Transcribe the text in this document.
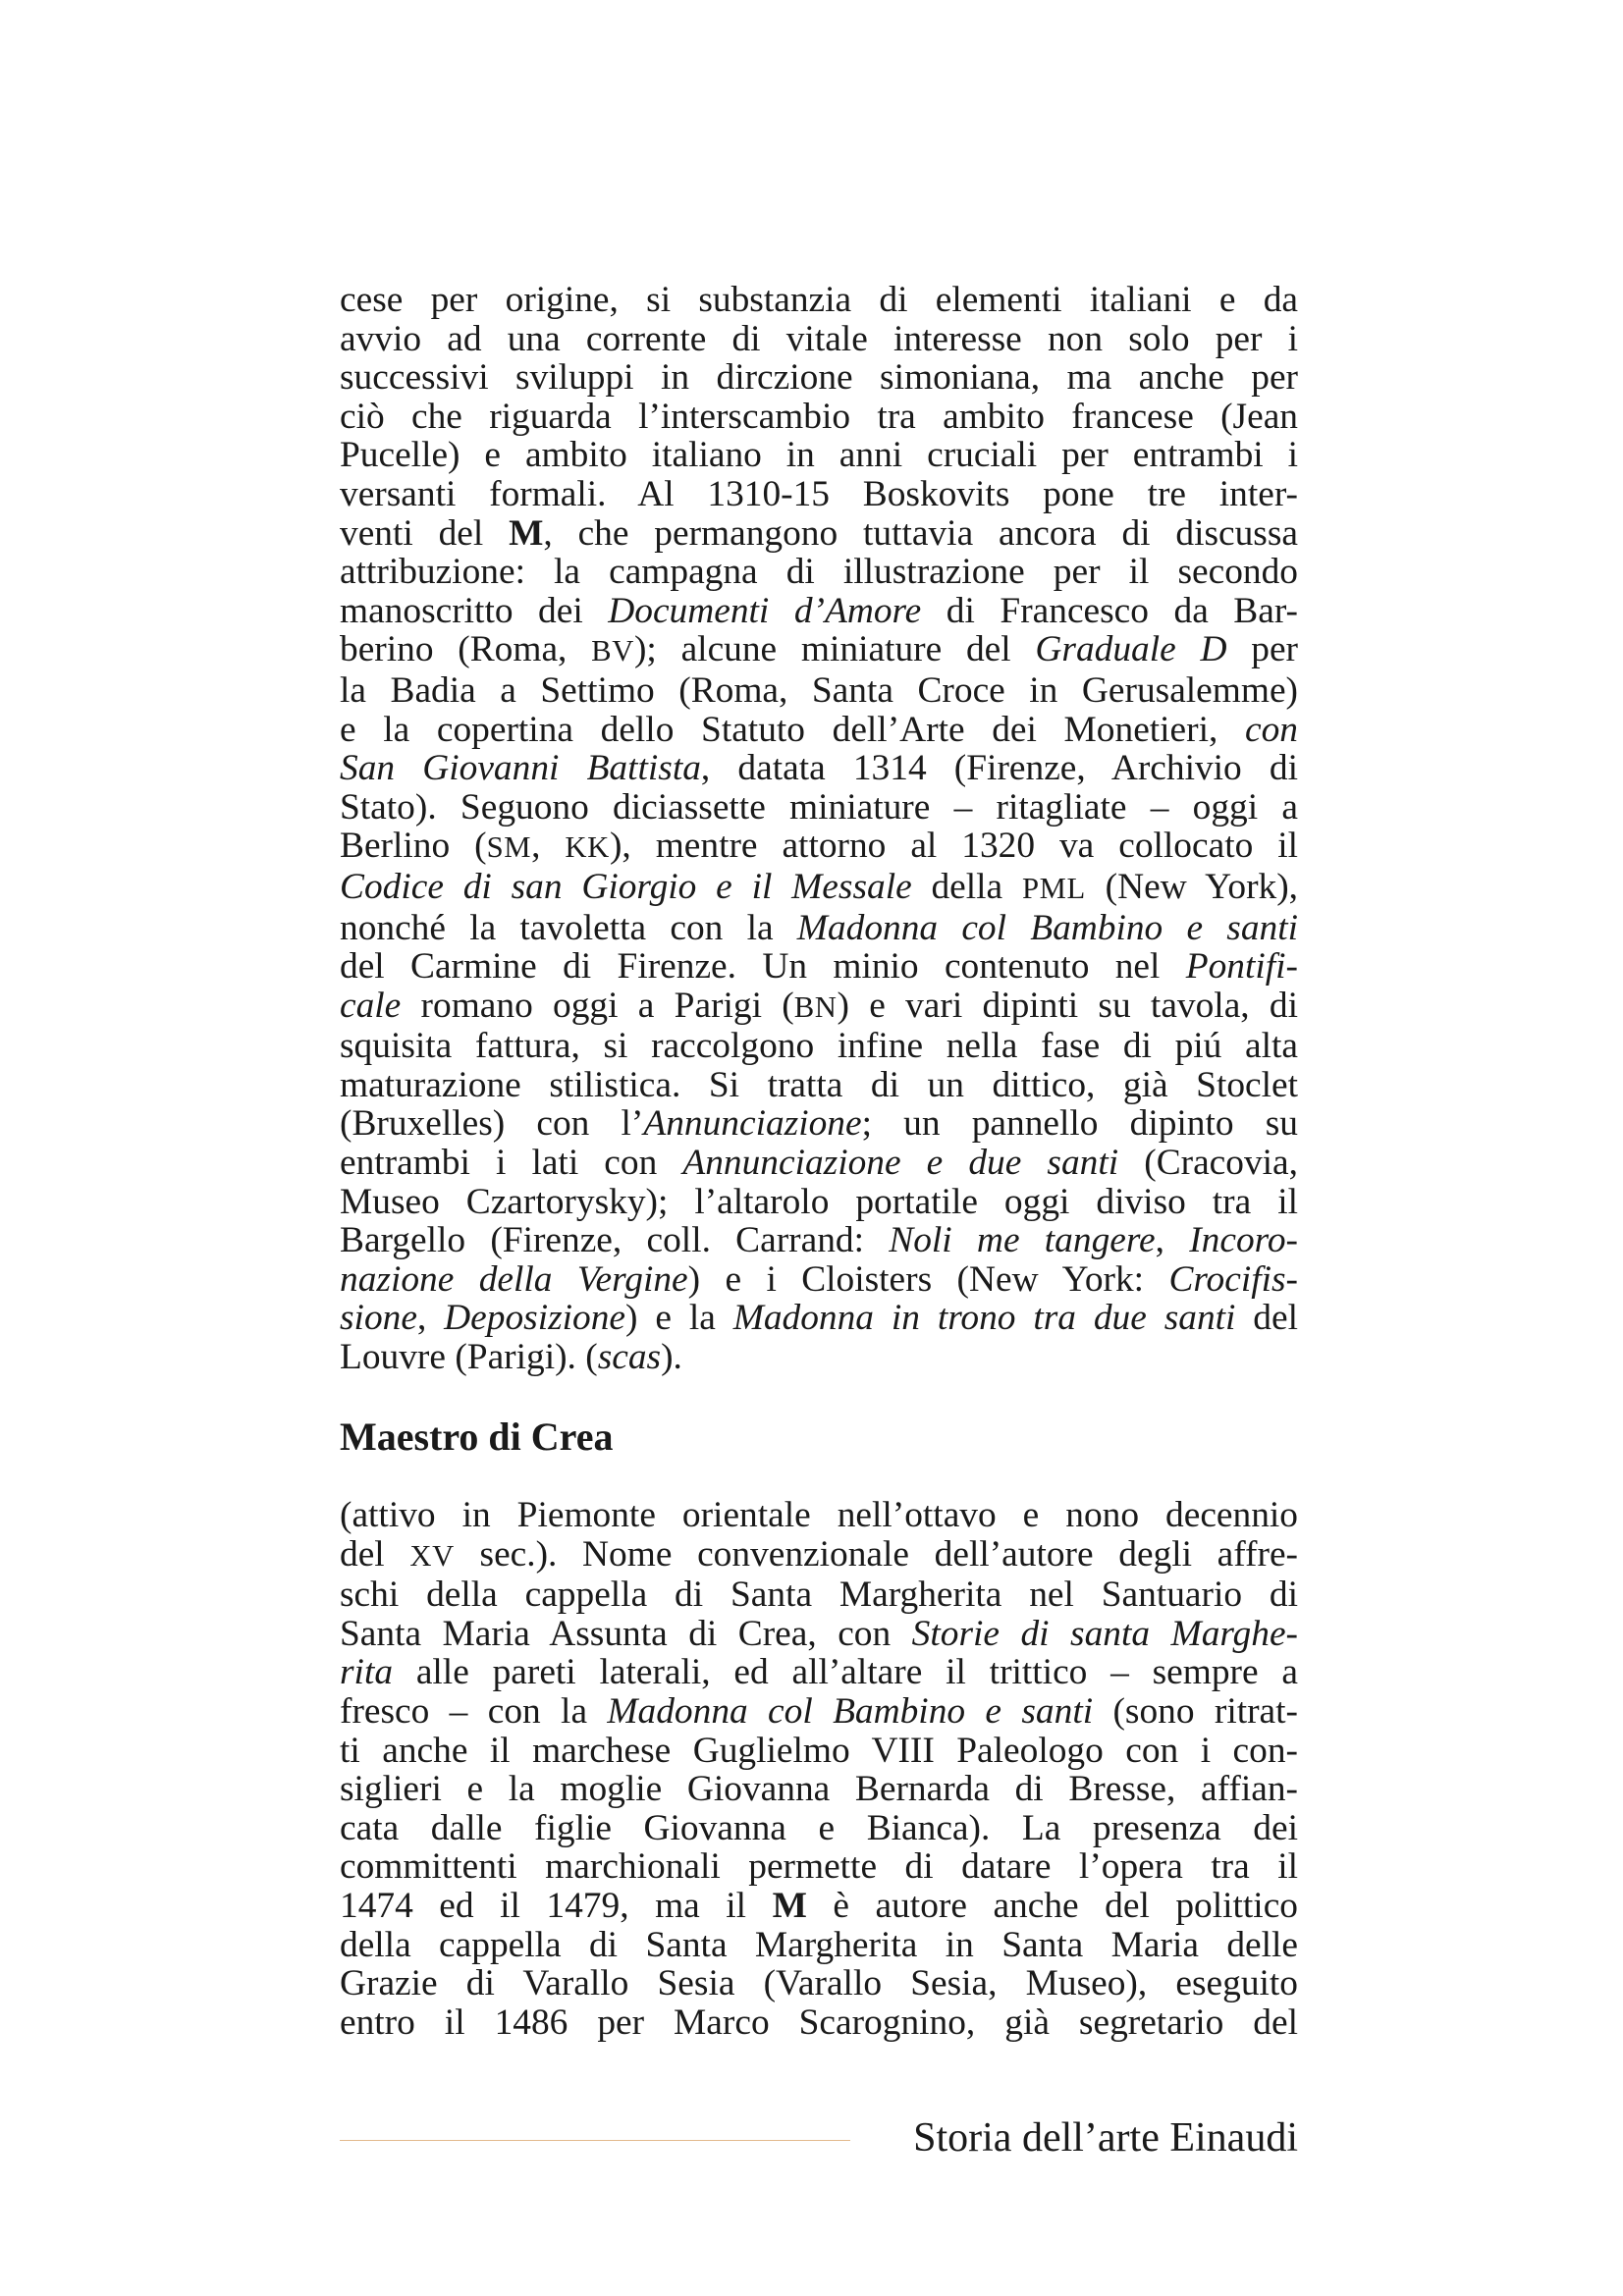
cese per origine, si substanzia di elementi italiani e da
avvio ad una corrente di vitale interesse non solo per i
successivi sviluppi in dirczione simoniana, ma anche per
ciò che riguarda l’interscambio tra ambito francese (Jean
Pucelle) e ambito italiano in anni cruciali per entrambi i
versanti formali. Al 1310-15 Boskovits pone tre inter-
venti del M, che permangono tuttavia ancora di discussa
attribuzione: la campagna di illustrazione per il secondo
manoscritto dei Documenti d’Amore di Francesco da Bar-
berino (Roma, BV); alcune miniature del Graduale D per
la Badia a Settimo (Roma, Santa Croce in Gerusalemme)
e la copertina dello Statuto dell’Arte dei Monetieri, con
San Giovanni Battista, datata 1314 (Firenze, Archivio di
Stato). Seguono diciassette miniature – ritagliate – oggi a
Berlino (SM, KK), mentre attorno al 1320 va collocato il
Codice di san Giorgio e il Messale della PML (New York),
nonché la tavoletta con la Madonna col Bambino e santi
del Carmine di Firenze. Un minio contenuto nel Pontifi-
cale romano oggi a Parigi (BN) e vari dipinti su tavola, di
squisita fattura, si raccolgono infine nella fase di piú alta
maturazione stilistica. Si tratta di un dittico, già Stoclet
(Bruxelles) con l’Annunciazione; un pannello dipinto su
entrambi i lati con Annunciazione e due santi (Cracovia,
Museo Czartorysky); l’altarolo portatile oggi diviso tra il
Bargello (Firenze, coll. Carrand: Noli me tangere, Incoro-
nazione della Vergine) e i Cloisters (New York: Crocifis-
sione, Deposizione) e la Madonna in trono tra due santi del
Louvre (Parigi). (scas).
Maestro di Crea
(attivo in Piemonte orientale nell’ottavo e nono decennio
del XV sec.). Nome convenzionale dell’autore degli affre-
schi della cappella di Santa Margherita nel Santuario di
Santa Maria Assunta di Crea, con Storie di santa Marghe-
rita alle pareti laterali, ed all’altare il trittico – sempre a
fresco – con la Madonna col Bambino e santi (sono ritrat-
ti anche il marchese Guglielmo VIII Paleologo con i con-
siglieri e la moglie Giovanna Bernarda di Bresse, affian-
cata dalle figlie Giovanna e Bianca). La presenza dei
committenti marchionali permette di datare l’opera tra il
1474 ed il 1479, ma il M è autore anche del polittico
della cappella di Santa Margherita in Santa Maria delle
Grazie di Varallo Sesia (Varallo Sesia, Museo), eseguito
entro il 1486 per Marco Scarognino, già segretario del
Storia dell’arte Einaudi
